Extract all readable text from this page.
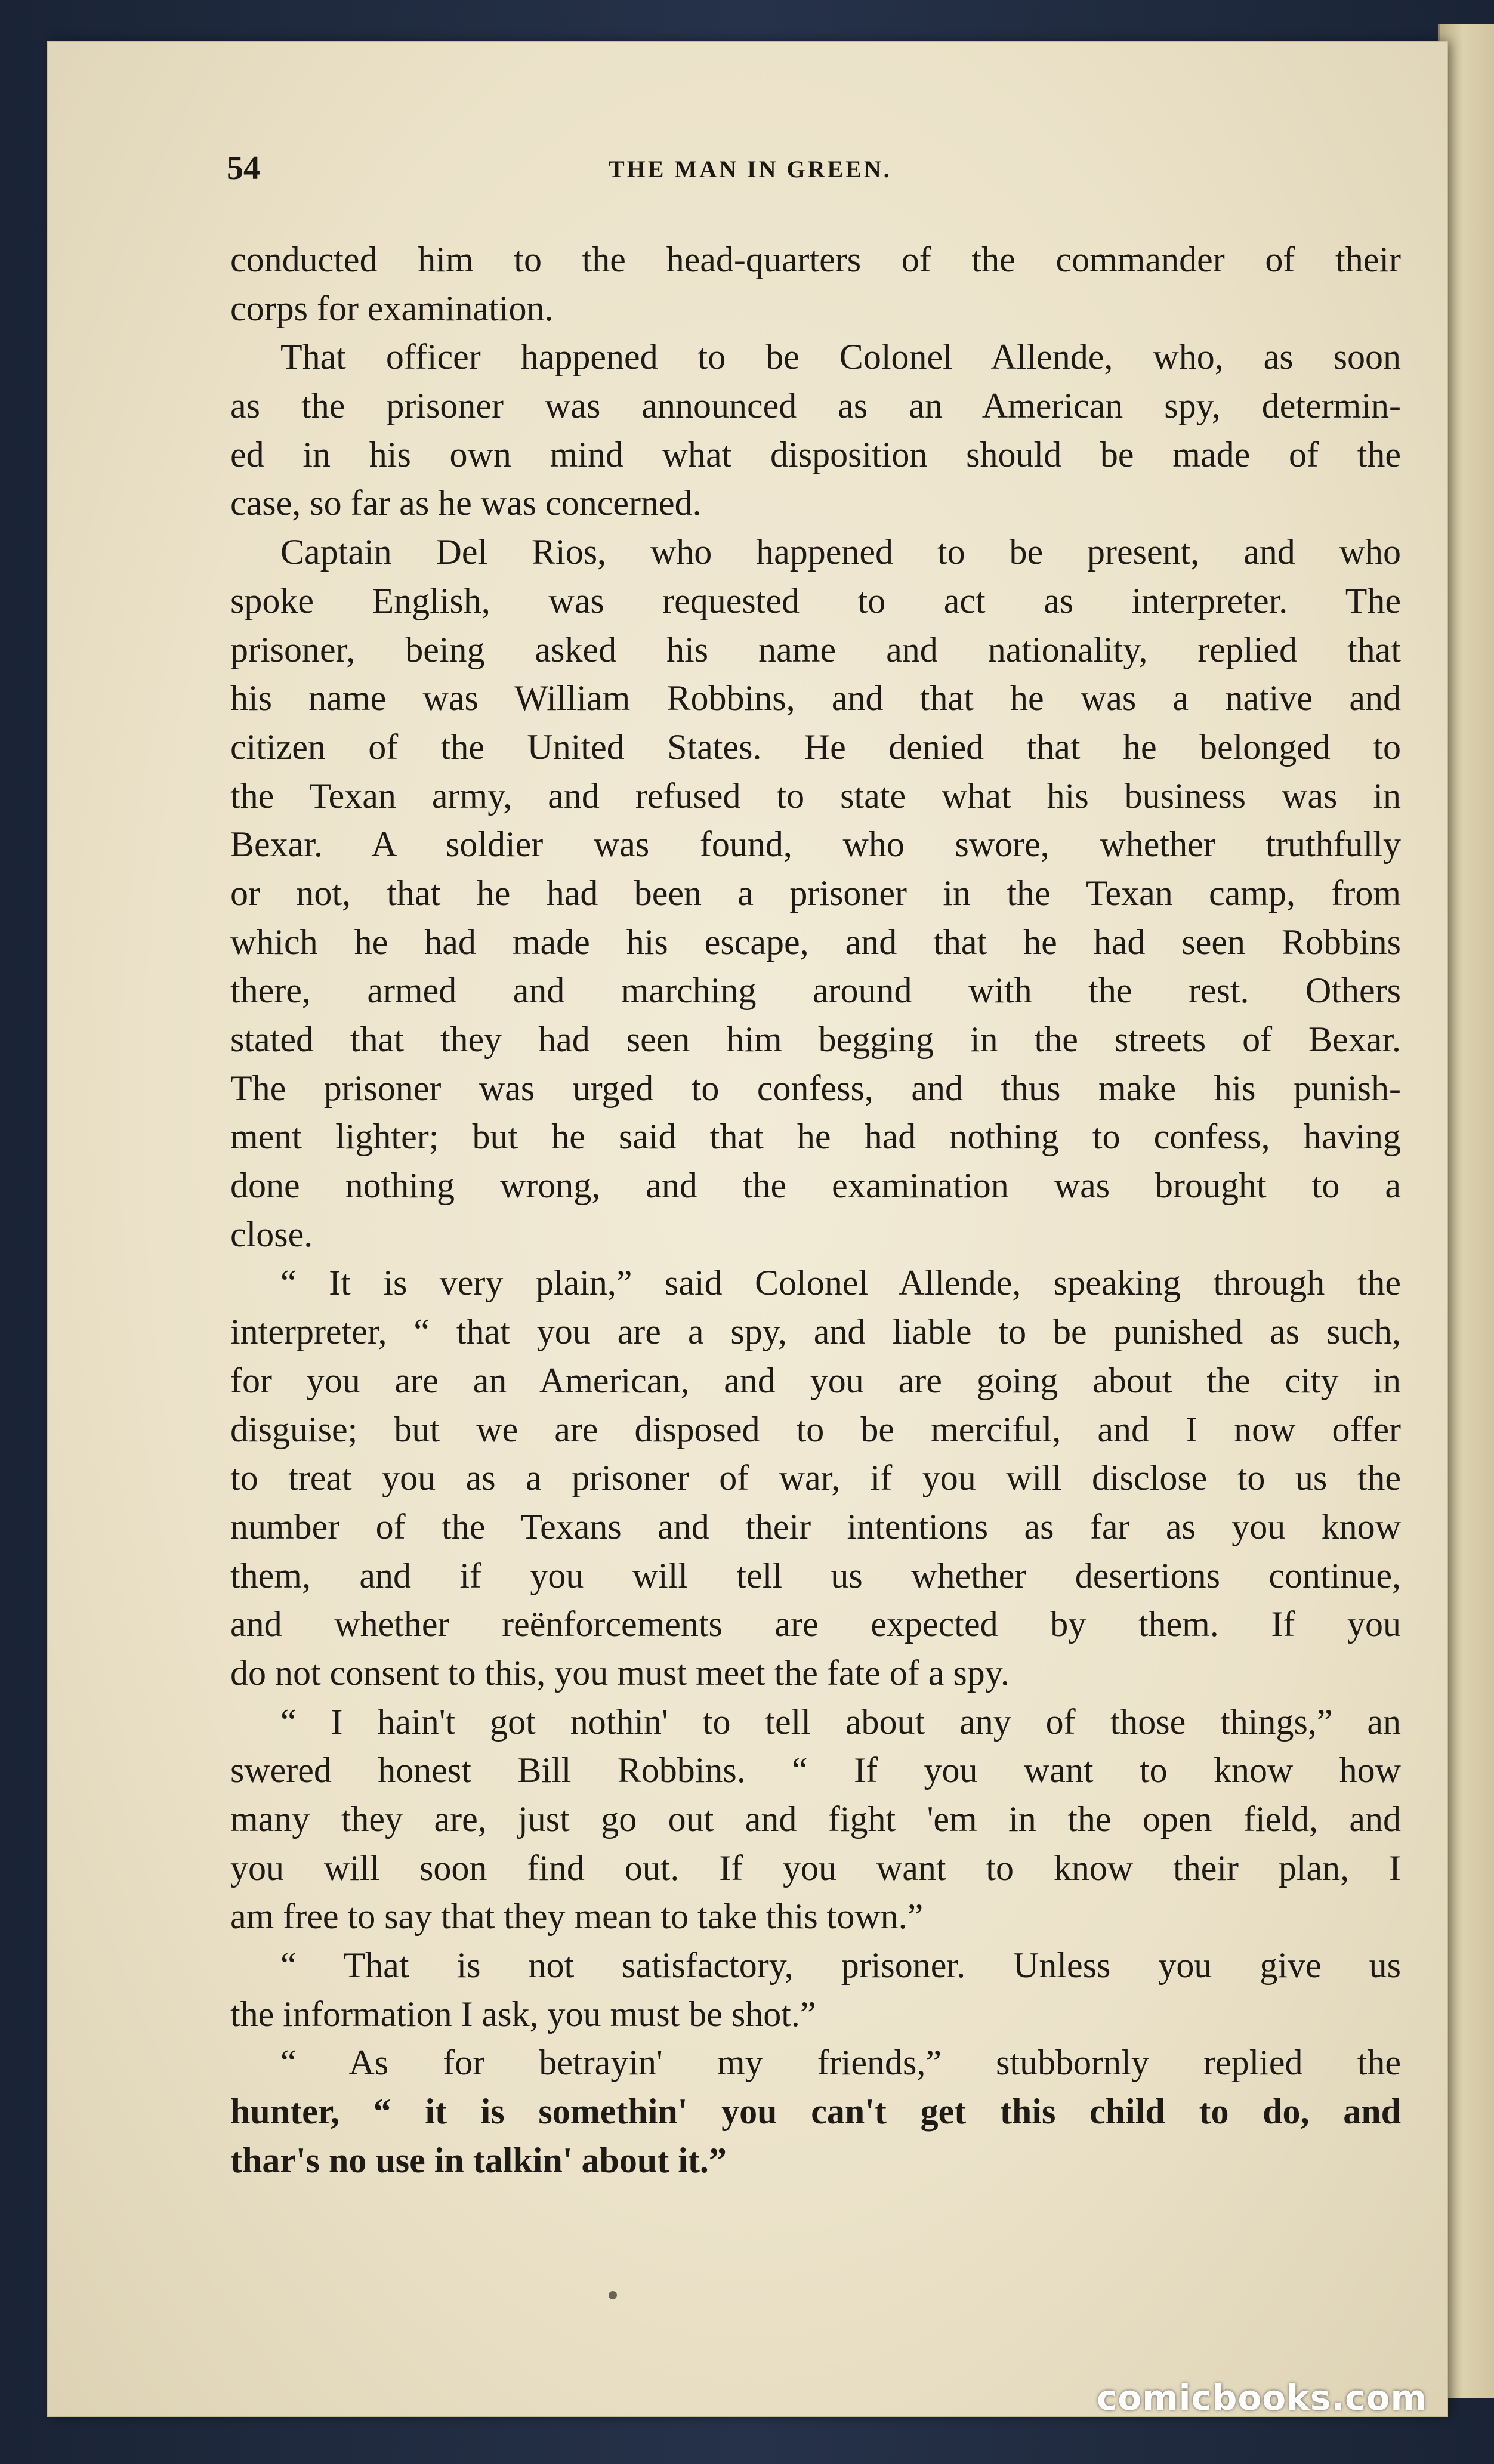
54	THE MAN IN GREEN.
conducted him to the head-quarters of the commander of their
corps for examination.
That officer happened to be Colonel Allende, who, as soon
as the prisoner was announced as an American spy, determin-
ed in his own mind what disposition should be made of the
case, so far as he was concerned.
Captain Del Rios, who happened to be present, and who
spoke English, was requested to act as interpreter. The
prisoner, being asked his name and nationality, replied that
his name was William Robbins, and that he was a native and
citizen of the United States. He denied that he belonged to
the Texan army, and refused to state what his business was in
Bexar. A soldier was found, who swore, whether truthfully
or not, that he had been a prisoner in the Texan camp, from
which he had made his escape, and that he had seen Robbins
there, armed and marching around with the rest. Others
stated that they had seen him begging in the streets of Bexar.
The prisoner was urged to confess, and thus make his punish-
ment lighter; but he said that he had nothing to confess, having
done nothing wrong, and the examination was brought to a
close.
“ It is very plain,” said Colonel Allende, speaking through the
interpreter, “ that you are a spy, and liable to be punished as such,
for you are an American, and you are going about the city in
disguise; but we are disposed to be merciful, and I now offer
to treat you as a prisoner of war, if you will disclose to us the
number of the Texans and their intentions as far as you know
them, and if you will tell us whether desertions continue,
and whether reënforcements are expected by them. If you
do not consent to this, you must meet the fate of a spy.
“ I hain't got nothin' to tell about any of those things,” an
swered honest Bill Robbins. “ If you want to know how
many they are, just go out and fight 'em in the open field, and
you will soon find out. If you want to know their plan, I
am free to say that they mean to take this town.”
“ That is not satisfactory, prisoner. Unless you give us
the information I ask, you must be shot.”
“ As for betrayin' my friends,” stubbornly replied the
hunter, “ it is somethin' you can't get this child to do, and
thar's no use in talkin' about it.”
comicbooks.com
